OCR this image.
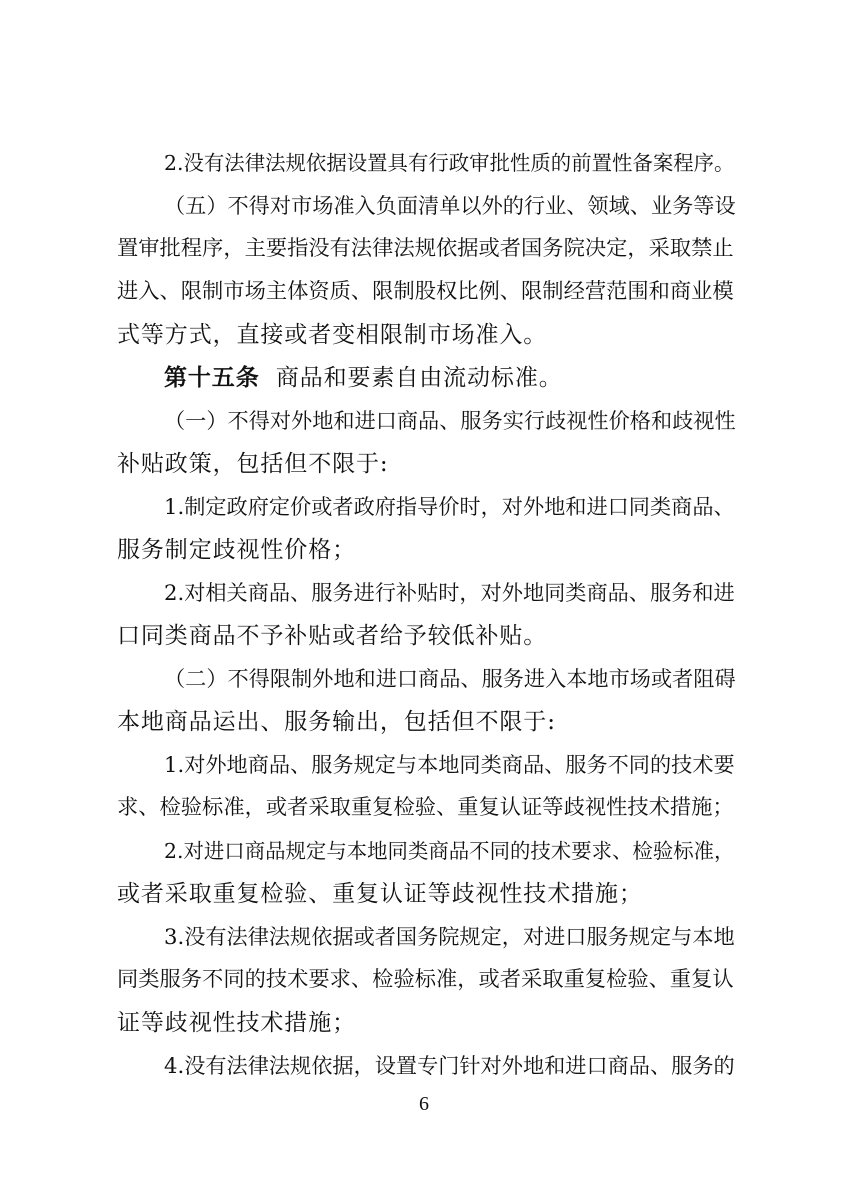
2.没有法律法规依据设置具有行政审批性质的前置性备案程序。
（五）不得对市场准入负面清单以外的行业、领域、业务等设
置审批程序，主要指没有法律法规依据或者国务院决定，采取禁止
进入、限制市场主体资质、限制股权比例、限制经营范围和商业模
式等方式，直接或者变相限制市场准入。
第十五条 商品和要素自由流动标准。
（一）不得对外地和进口商品、服务实行歧视性价格和歧视性
补贴政策，包括但不限于:
1.制定政府定价或者政府指导价时，对外地和进口同类商品、
服务制定歧视性价格；
2.对相关商品、服务进行补贴时，对外地同类商品、服务和进
口同类商品不予补贴或者给予较低补贴。
（二）不得限制外地和进口商品、服务进入本地市场或者阻碍
本地商品运出、服务输出，包括但不限于:
1.对外地商品、服务规定与本地同类商品、服务不同的技术要
求、检验标准，或者采取重复检验、重复认证等歧视性技术措施；
2.对进口商品规定与本地同类商品不同的技术要求、检验标准，
或者采取重复检验、重复认证等歧视性技术措施；
3.没有法律法规依据或者国务院规定，对进口服务规定与本地
同类服务不同的技术要求、检验标准，或者采取重复检验、重复认
证等歧视性技术措施；
4.没有法律法规依据，设置专门针对外地和进口商品、服务的
6
